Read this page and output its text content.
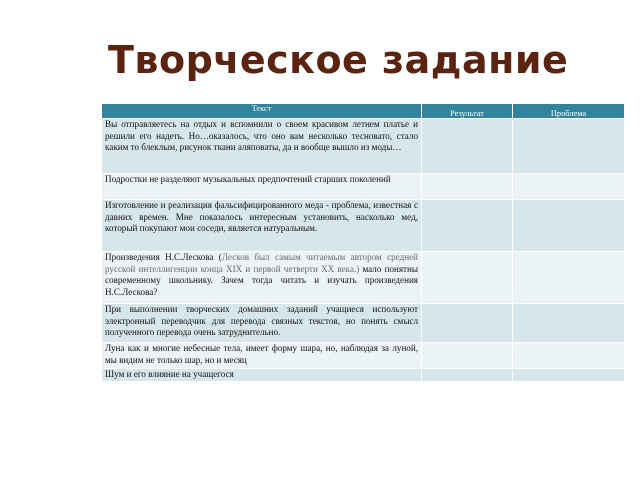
Творческое задание
Текст	Результат	Проблема
Вы отправляетесь на отдых и вспомнили о своем красивом летнем платье и решили его надеть. Но…оказалось, что оно вам несколько тесновато, стало каким то блеклым, рисунок ткани аляповаты, да и вообще вышло из моды…		
Подростки не разделяют музыкальных предпочтений старших поколений		
Изготовление и реализация фальсифицированного меда - проблема, известная с давних времен. Мне показалось интересным установить, насколько мед, который покупают мои соседи, является натуральным.		
Произведения Н.С.Лескова (Лесков был самым читаемым автором средней русской интеллигенции конца XIX и первой четверти XX века.) мало понятны современному школьнику. Зачем тогда читать и изучать произведения Н.С.Лескова?		
При выполнении творческих домашних заданий учащиеся используют электронный переводчик для перевода связных текстов, но понять смысл полученного перевода очень затруднительно.		
Луна как и многие небесные тела, имеет форму шара, но, наблюдая за луной, мы видим не только шар, но и месяц		
Шум и его влияние на учащегося		
